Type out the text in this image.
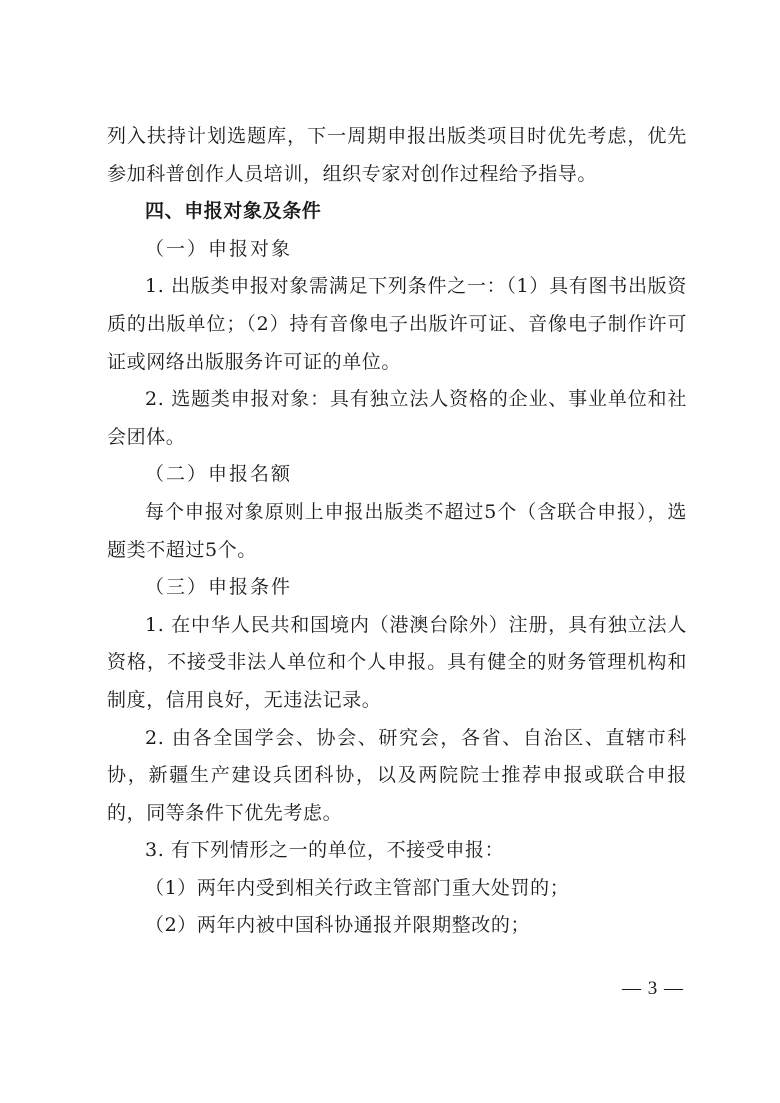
列入扶持计划选题库，下一周期申报出版类项目时优先考虑，优先参加科普创作人员培训，组织专家对创作过程给予指导。

四、申报对象及条件

（一）申报对象

1. 出版类申报对象需满足下列条件之一：（1）具有图书出版资质的出版单位；（2）持有音像电子出版许可证、音像电子制作许可证或网络出版服务许可证的单位。

2. 选题类申报对象：具有独立法人资格的企业、事业单位和社会团体。

（二）申报名额

每个申报对象原则上申报出版类不超过5个（含联合申报），选题类不超过5个。

（三）申报条件

1. 在中华人民共和国境内（港澳台除外）注册，具有独立法人资格，不接受非法人单位和个人申报。具有健全的财务管理机构和制度，信用良好，无违法记录。

2. 由各全国学会、协会、研究会，各省、自治区、直辖市科协，新疆生产建设兵团科协，以及两院院士推荐申报或联合申报的，同等条件下优先考虑。

3. 有下列情形之一的单位，不接受申报：

（1）两年内受到相关行政主管部门重大处罚的；

（2）两年内被中国科协通报并限期整改的；

— 3 —
